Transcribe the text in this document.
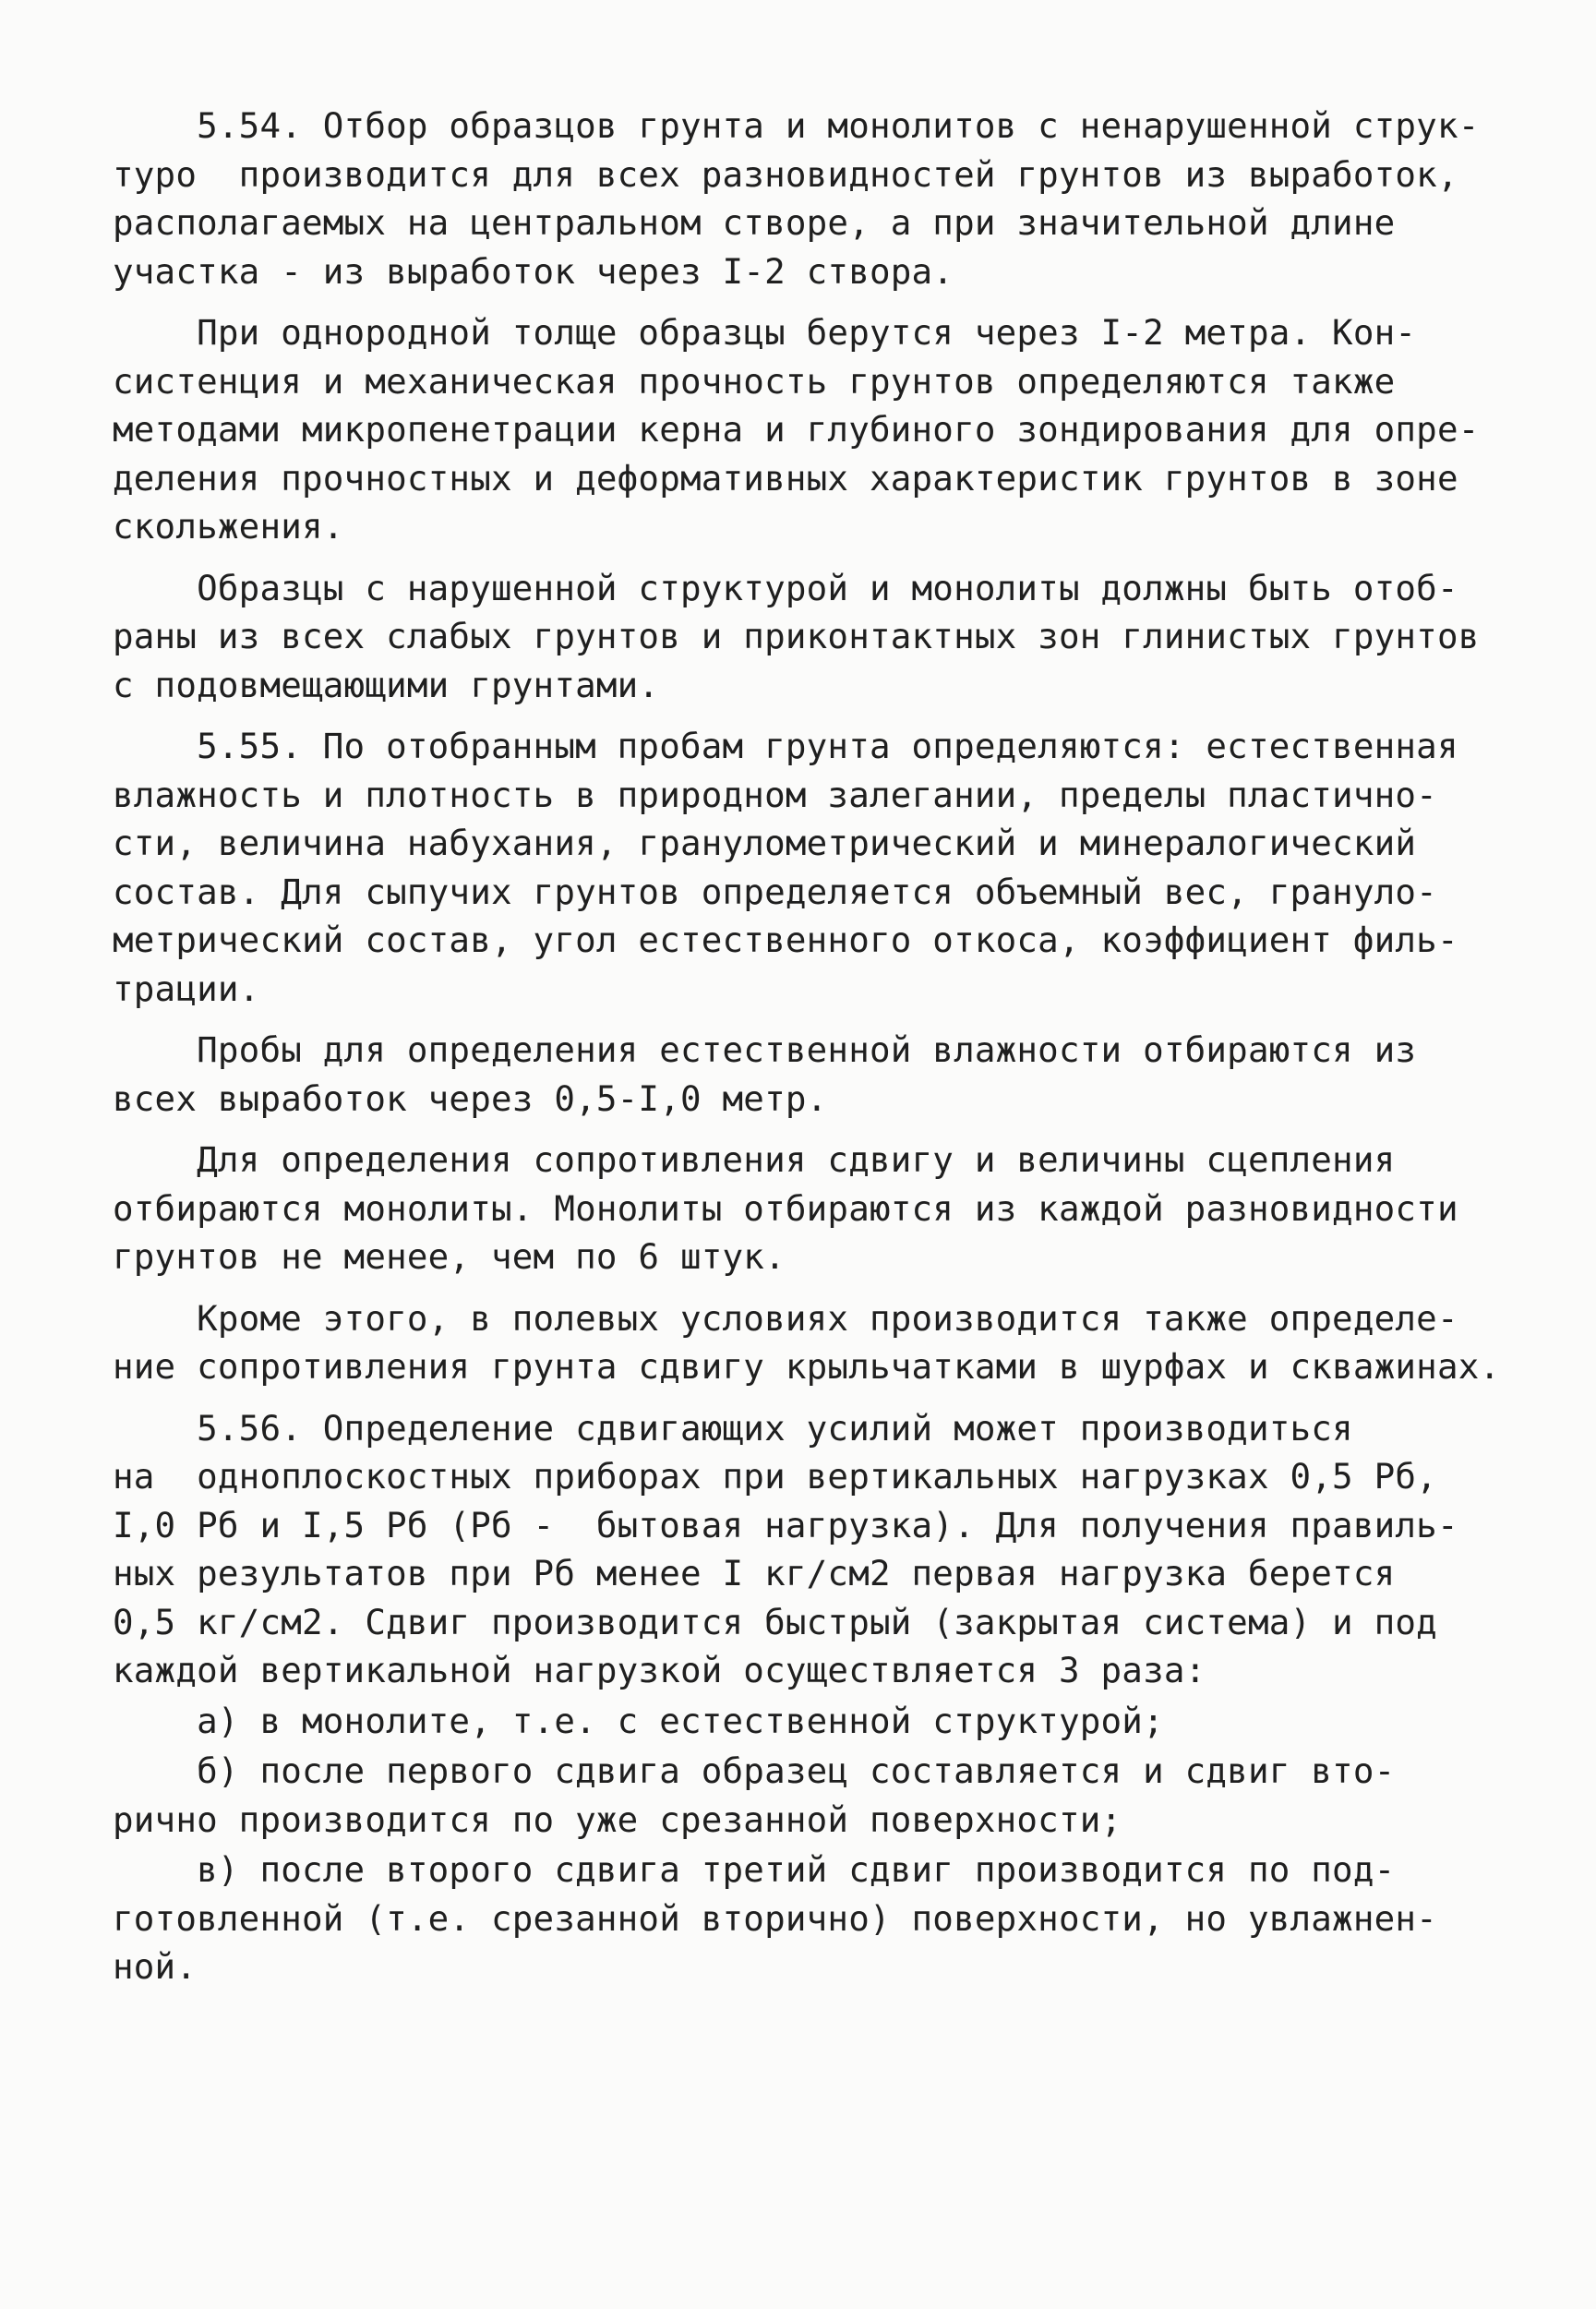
5.54. Отбор образцов грунта и монолитов с ненарушенной струк-
туро  производится для всех разновидностей грунтов из выработок,
располагаемых на центральном створе, а при значительной длине
участка - из выработок через I-2 створа.
При однородной толще образцы берутся через I-2 метра. Кон-
систенция и механическая прочность грунтов определяются также
методами микропенетрации керна и глубиного зондирования для опре-
деления прочностных и деформативных характеристик грунтов в зоне
скольжения.
Образцы с нарушенной структурой и монолиты должны быть отоб-
раны из всех слабых грунтов и приконтактных зон глинистых грунтов
с подовмещающими грунтами.
5.55. По отобранным пробам грунта определяются: естественная
влажность и плотность в природном залегании, пределы пластично-
сти, величина набухания, гранулометрический и минералогический
состав. Для сыпучих грунтов определяется объемный вес, грануло-
метрический состав, угол естественного откоса, коэффициент филь-
трации.
Пробы для определения естественной влажности отбираются из
всех выработок через 0,5-I,0 метр.
Для определения сопротивления сдвигу и величины сцепления
отбираются монолиты. Монолиты отбираются из каждой разновидности
грунтов не менее, чем по 6 штук.
Кроме этого, в полевых условиях производится также определе-
ние сопротивления грунта сдвигу крыльчатками в шурфах и скважинах.
5.56. Определение сдвигающих усилий может производиться
на  одноплоскостных приборах при вертикальных нагрузках 0,5 Рб,
I,0 Рб и I,5 Рб (Рб -  бытовая нагрузка). Для получения правиль-
ных результатов при Рб менее I кг/см2 первая нагрузка берется
0,5 кг/см2. Сдвиг производится быстрый (закрытая система) и под
каждой вертикальной нагрузкой осуществляется 3 раза:
а) в монолите, т.е. с естественной структурой;
б) после первого сдвига образец составляется и сдвиг вто-
рично производится по уже срезанной поверхности;
в) после второго сдвига третий сдвиг производится по под-
готовленной (т.е. срезанной вторично) поверхности, но увлажнен-
ной.
